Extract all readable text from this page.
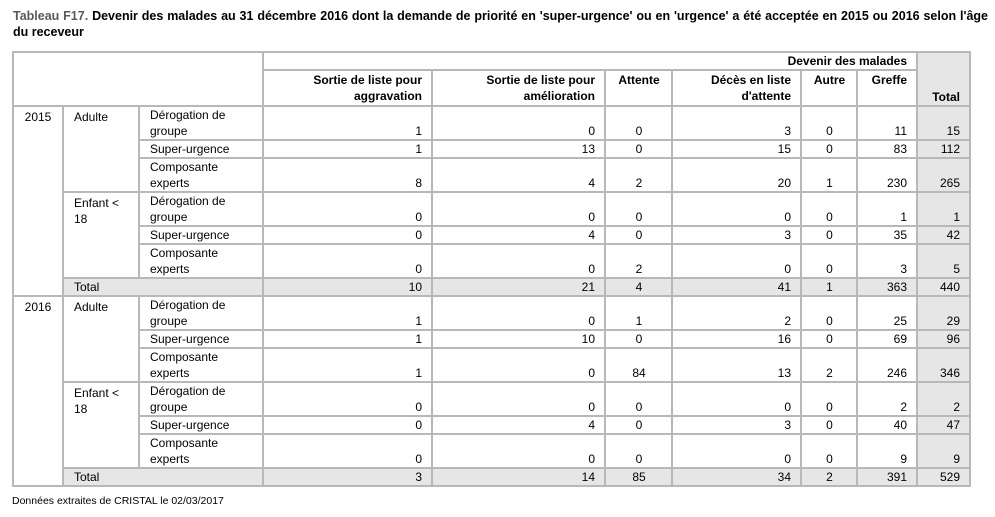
Tableau F17. Devenir des malades au 31 décembre 2016 dont la demande de priorité en 'super-urgence' ou en 'urgence' a été acceptée en 2015 ou 2016 selon l'âge du receveur
			Devenir des malades						Total
			Sortie de liste pour aggravation	Sortie de liste pour amélioration	Attente	Décès en liste d'attente	Autre	Greffe	
2015	Adulte	Dérogation de groupe	1	0	0	3	0	11	15
		Super-urgence	1	13	0	15	0	83	112
		Composante experts	8	4	2	20	1	230	265
	Enfant < 18	Dérogation de groupe	0	0	0	0	0	1	1
		Super-urgence	0	4	0	3	0	35	42
		Composante experts	0	0	2	0	0	3	5
	Total		10	21	4	41	1	363	440
2016	Adulte	Dérogation de groupe	1	0	1	2	0	25	29
		Super-urgence	1	10	0	16	0	69	96
		Composante experts	1	0	84	13	2	246	346
	Enfant < 18	Dérogation de groupe	0	0	0	0	0	2	2
		Super-urgence	0	4	0	3	0	40	47
		Composante experts	0	0	0	0	0	9	9
	Total		3	14	85	34	2	391	529
Données extraites de CRISTAL le 02/03/2017
